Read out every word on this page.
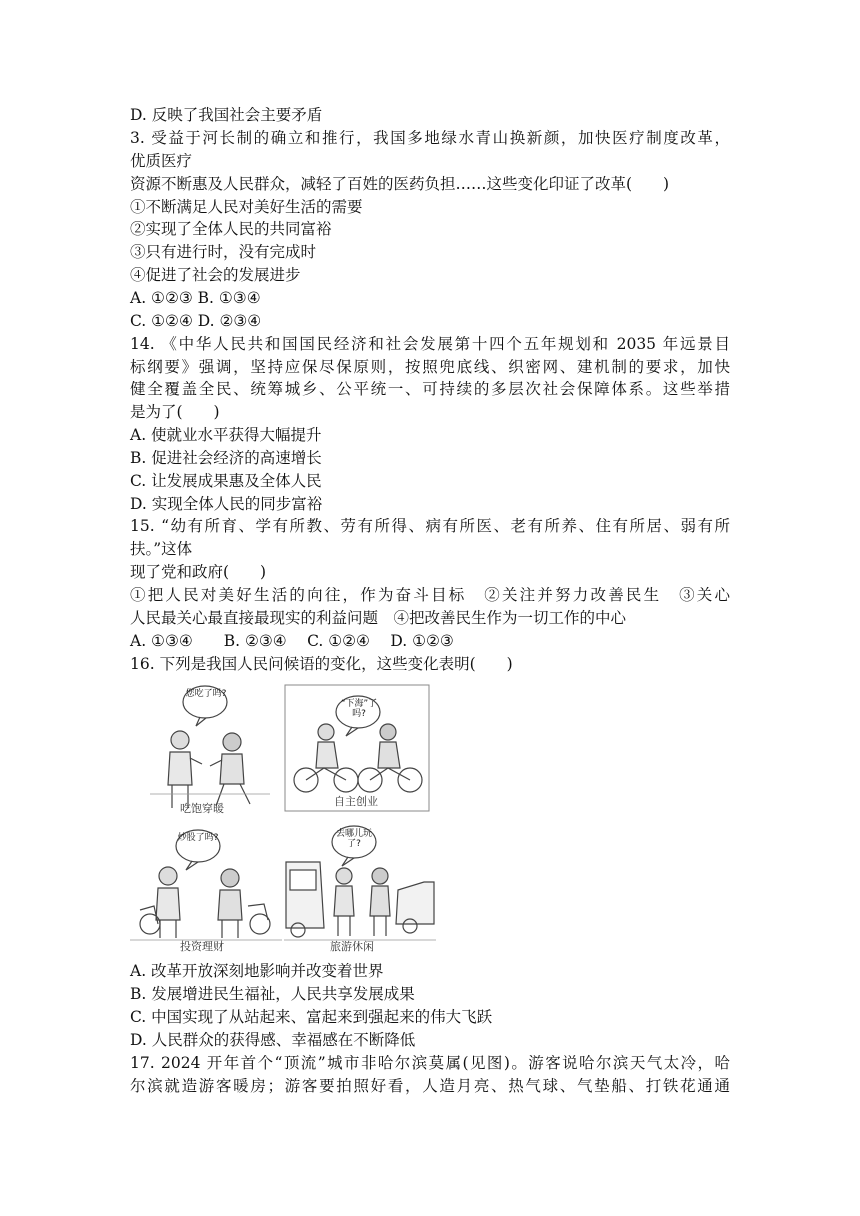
D. 反映了我国社会主要矛盾
3. 受益于河长制的确立和推行，我国多地绿水青山换新颜，加快医疗制度改革，
优质医疗
资源不断惠及人民群众，减轻了百姓的医药负担……这些变化印证了改革(　　)
①不断满足人民对美好生活的需要
②实现了全体人民的共同富裕
③只有进行时，没有完成时
④促进了社会的发展进步
A. ①②③ B. ①③④
C. ①②④ D. ②③④
14. 《中华人民共和国国民经济和社会发展第十四个五年规划和 2035 年远景目
标纲要》强调，坚持应保尽保原则，按照兜底线、织密网、建机制的要求，加快
健全覆盖全民、统筹城乡、公平统一、可持续的多层次社会保障体系。这些举措
是为了(　　)
A. 使就业水平获得大幅提升
B. 促进社会经济的高速增长
C. 让发展成果惠及全体人民
D. 实现全体人民的同步富裕
15. “幼有所育、学有所教、劳有所得、病有所医、老有所养、住有所居、弱有所
扶。”这体
现了党和政府(　　)
①把人民对美好生活的向往，作为奋斗目标　②关注并努力改善民生　③关心
人民最关心最直接最现实的利益问题　④把改善民生作为一切工作的中心
A. ①③④　　B. ②③④　 C. ①②④　 D. ①②③
16. 下列是我国人民问候语的变化，这些变化表明(　　)
吃饱穿暖
您吃了吗?
自主创业
“下海”了吗?
投资理财
炒股了吗?
旅游休闲
去哪儿玩了?
A. 改革开放深刻地影响并改变着世界
B. 发展增进民生福祉，人民共享发展成果
C. 中国实现了从站起来、富起来到强起来的伟大飞跃
D. 人民群众的获得感、幸福感在不断降低
17. 2024 开年首个“顶流”城市非哈尔滨莫属(见图)。游客说哈尔滨天气太冷，哈
尔滨就造游客暖房；游客要拍照好看，人造月亮、热气球、气垫船、打铁花通通
